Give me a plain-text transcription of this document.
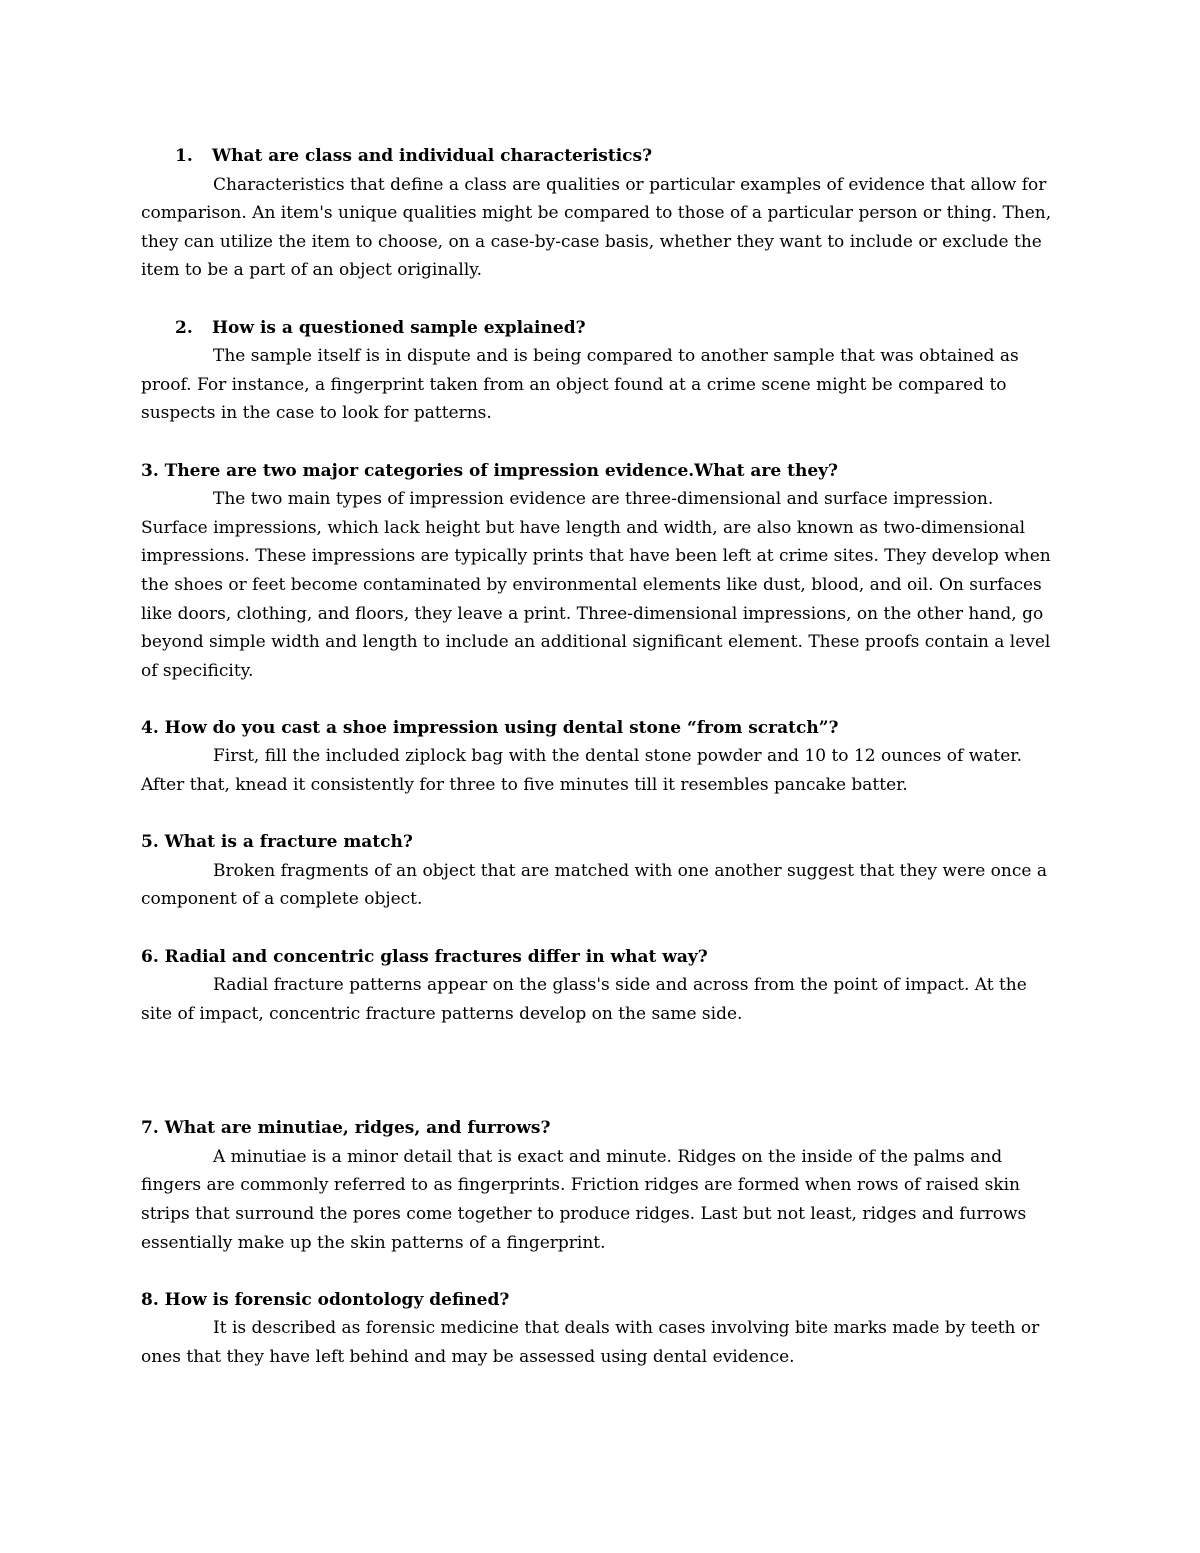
1. What are class and individual characteristics?

Characteristics that define a class are qualities or particular examples of evidence that allow for comparison. An item's unique qualities might be compared to those of a particular person or thing. Then, they can utilize the item to choose, on a case-by-case basis, whether they want to include or exclude the item to be a part of an object originally.

2. How is a questioned sample explained?

The sample itself is in dispute and is being compared to another sample that was obtained as proof. For instance, a fingerprint taken from an object found at a crime scene might be compared to suspects in the case to look for patterns.

3. There are two major categories of impression evidence.What are they?

The two main types of impression evidence are three-dimensional and surface impression. Surface impressions, which lack height but have length and width, are also known as two-dimensional impressions. These impressions are typically prints that have been left at crime sites. They develop when the shoes or feet become contaminated by environmental elements like dust, blood, and oil. On surfaces like doors, clothing, and floors, they leave a print. Three-dimensional impressions, on the other hand, go beyond simple width and length to include an additional significant element. These proofs contain a level of specificity.

4. How do you cast a shoe impression using dental stone “from scratch”?

First, fill the included ziplock bag with the dental stone powder and 10 to 12 ounces of water. After that, knead it consistently for three to five minutes till it resembles pancake batter.

5. What is a fracture match?

Broken fragments of an object that are matched with one another suggest that they were once a component of a complete object.

6. Radial and concentric glass fractures differ in what way?

Radial fracture patterns appear on the glass's side and across from the point of impact. At the site of impact, concentric fracture patterns develop on the same side.

7. What are minutiae, ridges, and furrows?

A minutiae is a minor detail that is exact and minute. Ridges on the inside of the palms and fingers are commonly referred to as fingerprints. Friction ridges are formed when rows of raised skin strips that surround the pores come together to produce ridges. Last but not least, ridges and furrows essentially make up the skin patterns of a fingerprint.

8. How is forensic odontology defined?

It is described as forensic medicine that deals with cases involving bite marks made by teeth or ones that they have left behind and may be assessed using dental evidence.
